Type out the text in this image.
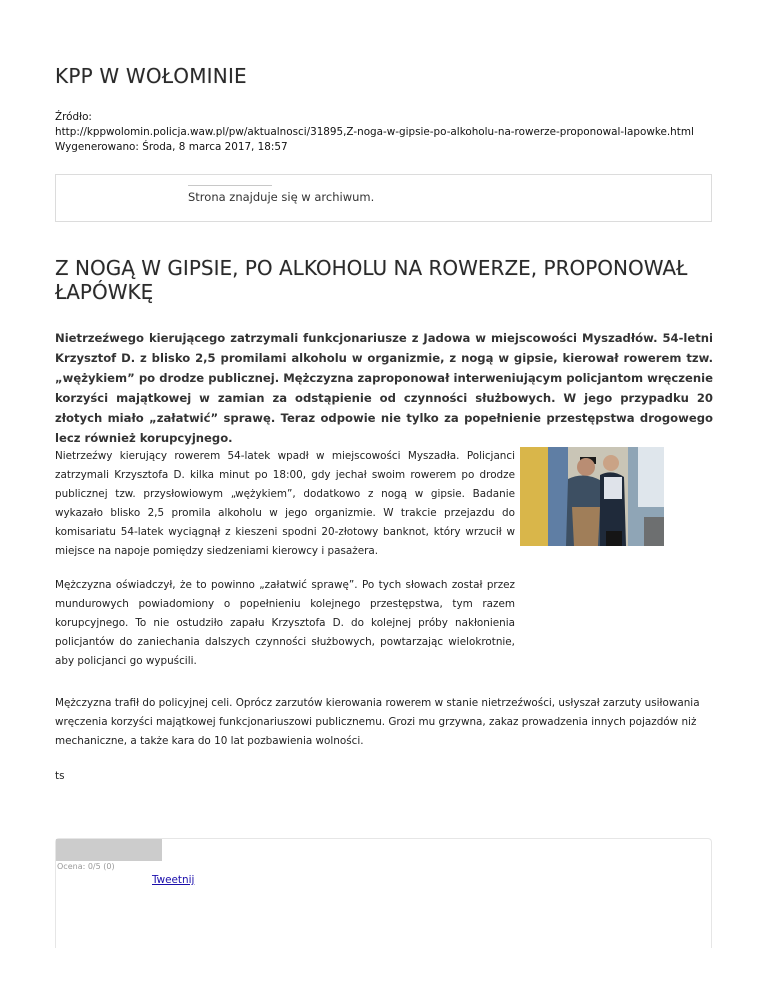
KPP W WOŁOMINIE
Źródło:
http://kppwolomin.policja.waw.pl/pw/aktualnosci/31895,Z-noga-w-gipsie-po-alkoholu-na-rowerze-proponowal-lapowke.html
Wygenerowano: Środa, 8 marca 2017, 18:57
Strona znajduje się w archiwum.
Z NOGĄ W GIPSIE, PO ALKOHOLU NA ROWERZE, PROPONOWAŁ ŁAPÓWKĘ

Nietrzeźwego kierującego zatrzymali funkcjonariusze z Jadowa w miejscowości Myszadłów. 54-letni Krzysztof D. z blisko 2,5 promilami alkoholu w organizmie, z nogą w gipsie, kierował rowerem tzw. „wężykiem” po drodze publicznej. Mężczyzna zaproponował interweniującym policjantom wręczenie korzyści majątkowej w zamian za odstąpienie od czynności służbowych. W jego przypadku 20 złotych miało „załatwić” sprawę. Teraz odpowie nie tylko za popełnienie przestępstwa drogowego lecz również korupcyjnego.

Nietrzeźwy kierujący rowerem 54-latek wpadł w miejscowości Myszadła. Policjanci zatrzymali Krzysztofa D. kilka minut po 18:00, gdy jechał swoim rowerem po drodze publicznej tzw. przysłowiowym „wężykiem”, dodatkowo z nogą w gipsie. Badanie wykazało blisko 2,5 promila alkoholu w jego organizmie. W trakcie przejazdu do komisariatu 54-latek wyciągnął z kieszeni spodni 20-złotowy banknot, który wrzucił w miejsce na napoje pomiędzy siedzeniami kierowcy i pasażera.

Mężczyzna oświadczył, że to powinno „załatwić sprawę”. Po tych słowach został przez mundurowych powiadomiony o popełnieniu kolejnego przestępstwa, tym razem korupcyjnego. To nie ostudziło zapału Krzysztofa D. do kolejnej próby nakłonienia policjantów do zaniechania dalszych czynności służbowych, powtarzając wielokrotnie, aby policjanci go wypuścili.

Mężczyzna trafił do policyjnej celi. Oprócz zarzutów kierowania rowerem w stanie nietrzeźwości, usłyszał zarzuty usiłowania wręczenia korzyści majątkowej funkcjonariuszowi publicznemu. Grozi mu grzywna, zakaz prowadzenia innych pojazdów niż mechaniczne, a także kara do 10 lat pozbawienia wolności.

ts

Ocena: 0/5 (0)
Tweetnij
